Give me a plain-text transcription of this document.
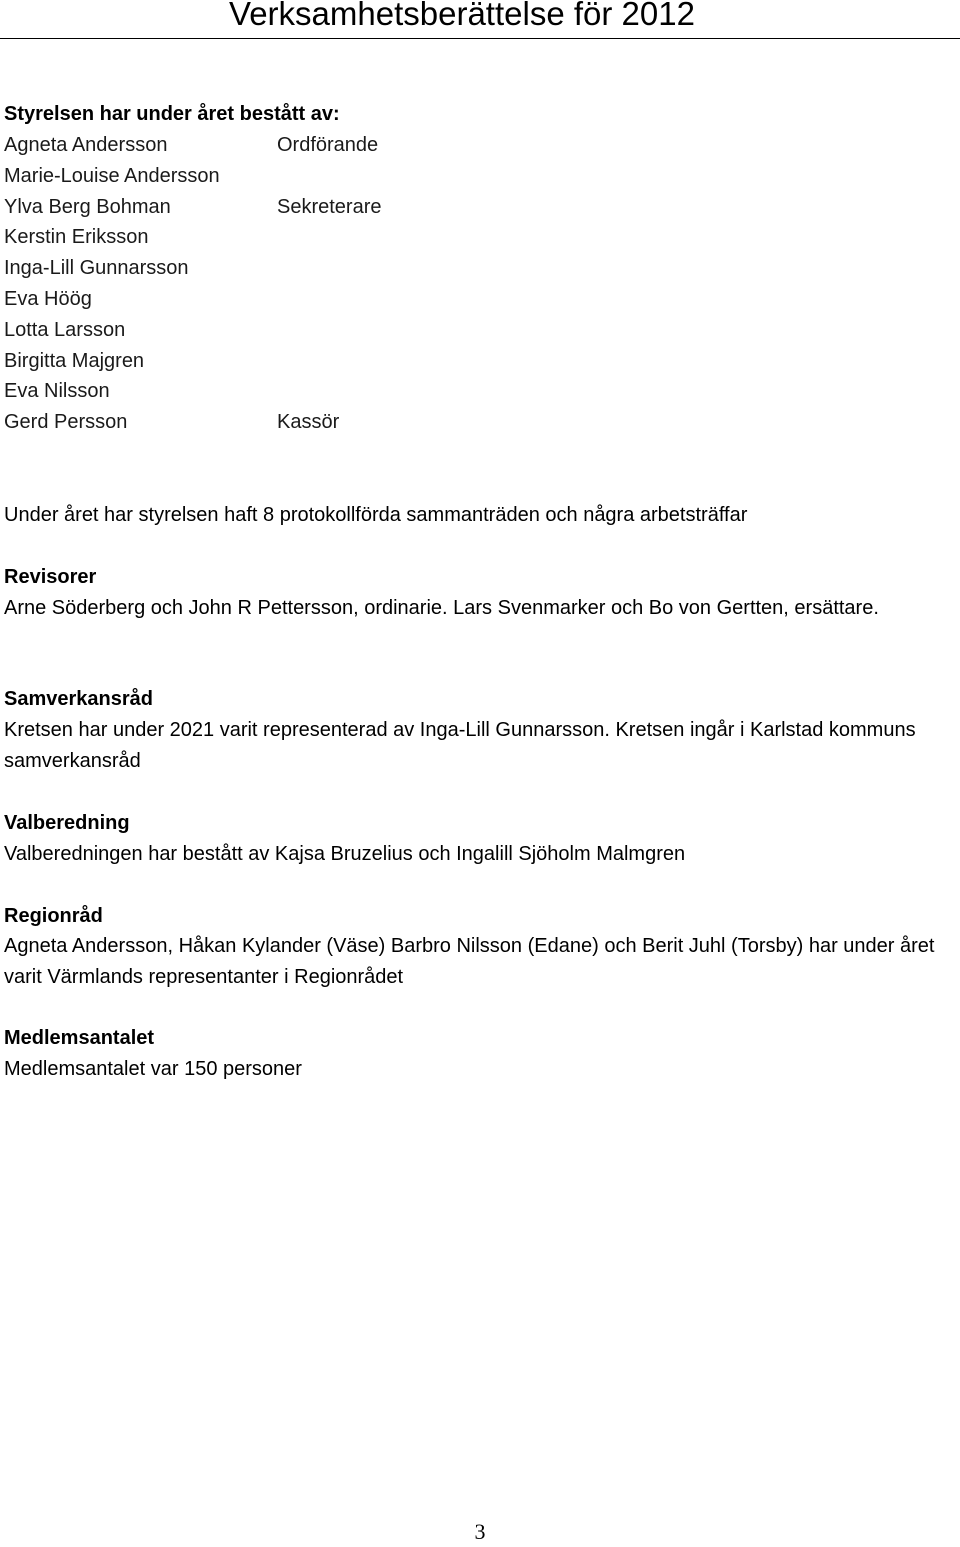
Verksamhetsberättelse för 2012
Styrelsen har under året bestått av:
Agneta Andersson	Ordförande
Marie-Louise Andersson
Ylva Berg Bohman	Sekreterare
Kerstin Eriksson
Inga-Lill Gunnarsson
Eva Höög
Lotta Larsson
Birgitta Majgren
Eva Nilsson
Gerd Persson	Kassör

Under året har styrelsen haft 8 protokollförda sammanträden och några arbetsträffar

Revisorer

Arne Söderberg och John R Pettersson, ordinarie. Lars Svenmarker och Bo von Gertten, ersättare.

Samverkansråd

Kretsen har under 2021 varit representerad av Inga-Lill Gunnarsson. Kretsen ingår i Karlstad kommuns samverkansråd

Valberedning

Valberedningen har bestått av Kajsa Bruzelius och Ingalill Sjöholm Malmgren

Regionråd

Agneta Andersson, Håkan Kylander (Väse) Barbro Nilsson (Edane) och Berit Juhl (Torsby) har under året varit Värmlands representanter i Regionrådet

Medlemsantalet

Medlemsantalet var 150 personer

3
